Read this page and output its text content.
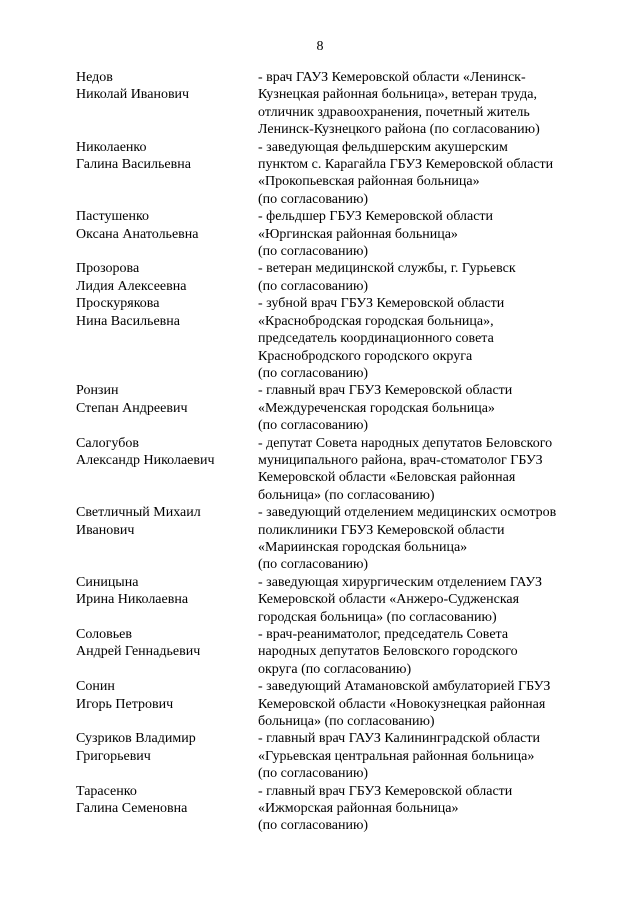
8
Недов
Николай Иванович
- врач ГАУЗ Кемеровской области «Ленинск-
Кузнецкая районная больница», ветеран труда,
отличник здравоохранения, почетный житель
Ленинск-Кузнецкого района (по согласованию)
Николаенко
Галина Васильевна
- заведующая фельдшерским акушерским
пунктом с. Карагайла ГБУЗ Кемеровской области
«Прокопьевская районная больница»
(по согласованию)
Пастушенко
Оксана Анатольевна
- фельдшер ГБУЗ Кемеровской области
«Юргинская районная больница»
(по согласованию)
Прозорова
Лидия Алексеевна
- ветеран медицинской службы, г. Гурьевск
(по согласованию)
Проскурякова
Нина Васильевна
- зубной врач ГБУЗ Кемеровской области
«Краснобродская городская больница»,
председатель координационного совета
Краснобродского городского округа
(по согласованию)
Ронзин
Степан Андреевич
- главный врач ГБУЗ Кемеровской области
«Междуреченская городская больница»
(по согласованию)
Салогубов
Александр Николаевич
- депутат Совета народных депутатов Беловского
муниципального района, врач-стоматолог ГБУЗ
Кемеровской области «Беловская районная
больница» (по согласованию)
Светличный Михаил
Иванович
- заведующий отделением медицинских осмотров
поликлиники ГБУЗ Кемеровской области
«Мариинская городская больница»
(по согласованию)
Синицына
Ирина Николаевна
- заведующая хирургическим отделением ГАУЗ
Кемеровской области «Анжеро-Судженская
городская больница» (по согласованию)
Соловьев
Андрей Геннадьевич
- врач-реаниматолог, председатель Совета
народных депутатов Беловского городского
округа (по согласованию)
Сонин
Игорь Петрович
- заведующий Атамановской амбулаторией ГБУЗ
Кемеровской области «Новокузнецкая районная
больница» (по согласованию)
Сузриков Владимир
Григорьевич
- главный врач ГАУЗ Калининградской области
«Гурьевская центральная районная больница»
(по согласованию)
Тарасенко
Галина Семеновна
- главный врач ГБУЗ Кемеровской области
«Ижморская районная больница»
(по согласованию)
